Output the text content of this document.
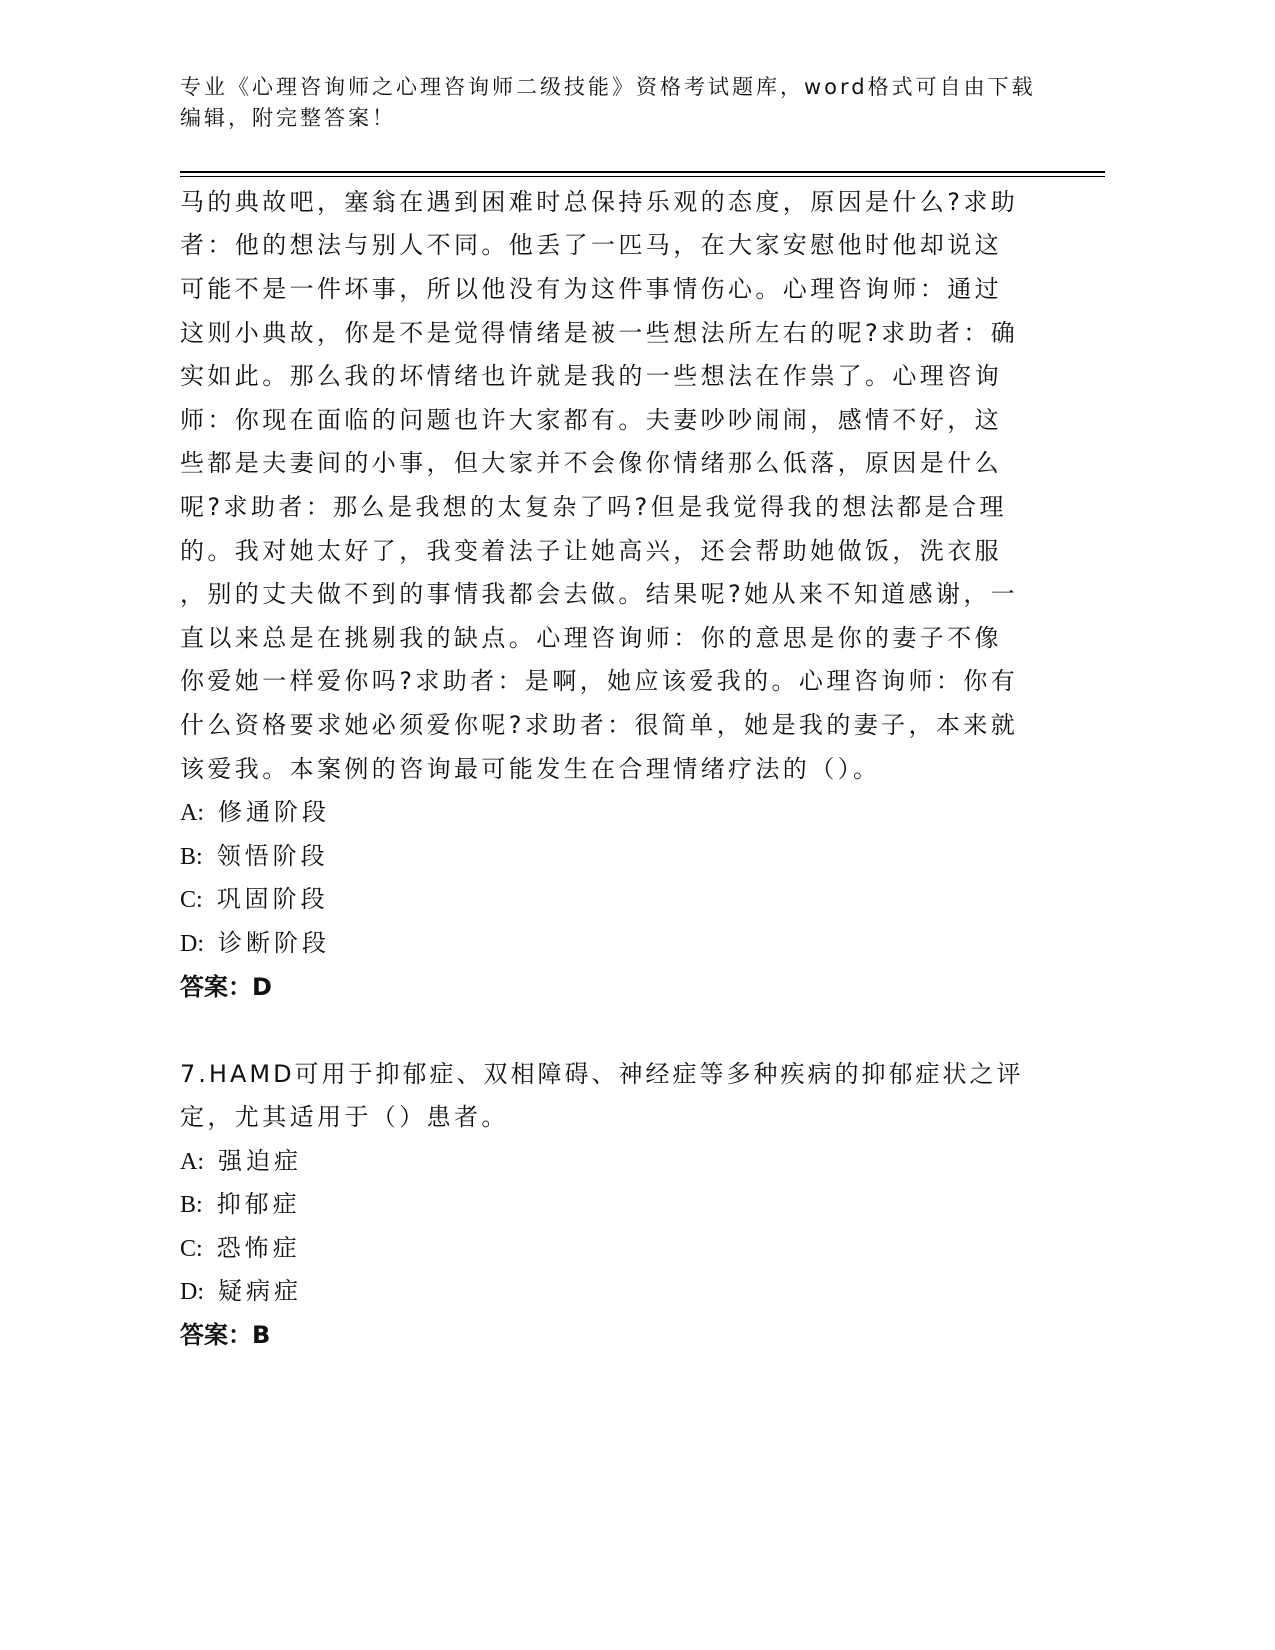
专业《心理咨询师之心理咨询师二级技能》资格考试题库，word格式可自由下载
编辑，附完整答案！
马的典故吧，塞翁在遇到困难时总保持乐观的态度，原因是什么?求助
者：他的想法与别人不同。他丢了一匹马，在大家安慰他时他却说这
可能不是一件坏事，所以他没有为这件事情伤心。心理咨询师：通过
这则小典故，你是不是觉得情绪是被一些想法所左右的呢?求助者：确
实如此。那么我的坏情绪也许就是我的一些想法在作祟了。心理咨询
师：你现在面临的问题也许大家都有。夫妻吵吵闹闹，感情不好，这
些都是夫妻间的小事，但大家并不会像你情绪那么低落，原因是什么
呢?求助者：那么是我想的太复杂了吗?但是我觉得我的想法都是合理
的。我对她太好了，我变着法子让她高兴，还会帮助她做饭，洗衣服
，别的丈夫做不到的事情我都会去做。结果呢?她从来不知道感谢，一
直以来总是在挑剔我的缺点。心理咨询师：你的意思是你的妻子不像
你爱她一样爱你吗?求助者：是啊，她应该爱我的。心理咨询师：你有
什么资格要求她必须爱你呢?求助者：很简单，她是我的妻子，本来就
该爱我。本案例的咨询最可能发生在合理情绪疗法的（）。
A: 修通阶段
B: 领悟阶段
C: 巩固阶段
D: 诊断阶段
答案：D
7.HAMD可用于抑郁症、双相障碍、神经症等多种疾病的抑郁症状之评
定，尤其适用于（）患者。
A: 强迫症
B: 抑郁症
C: 恐怖症
D: 疑病症
答案：B
